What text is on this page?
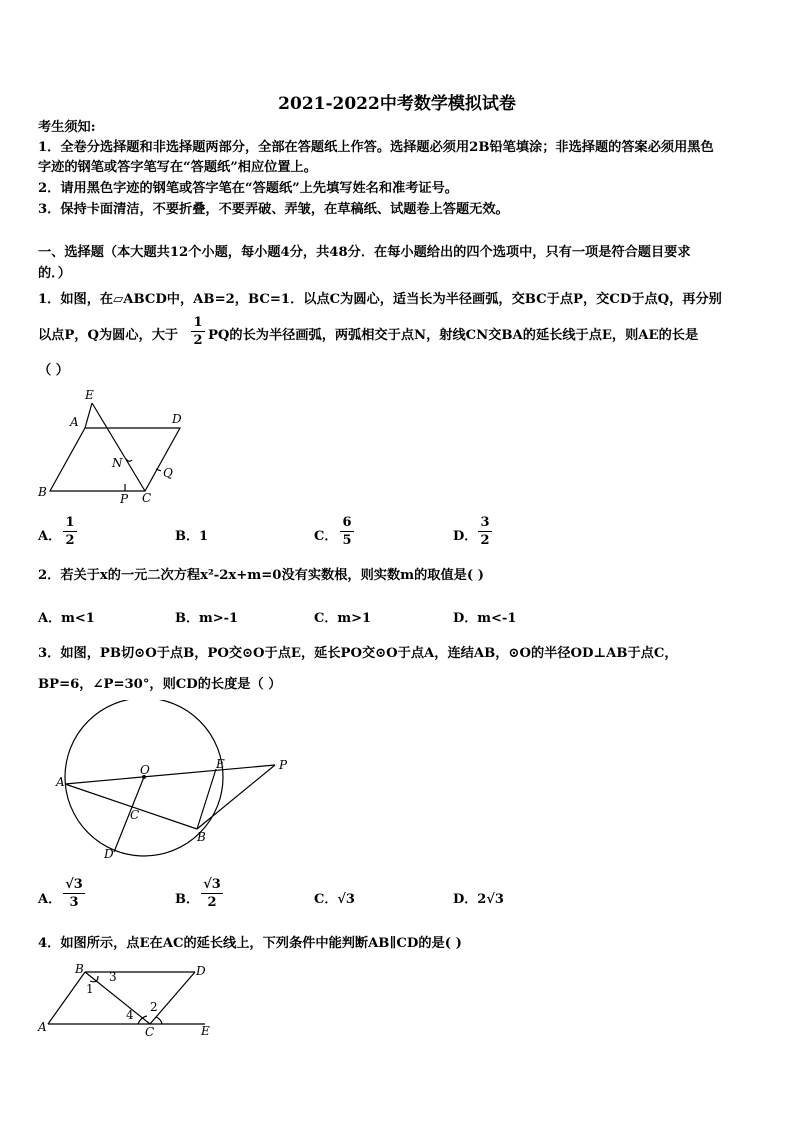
2021-2022中考数学模拟试卷
考生须知:
1．全卷分选择题和非选择题两部分，全部在答题纸上作答。选择题必须用2B铅笔填涂；非选择题的答案必须用黑色
字迹的钢笔或答字笔写在“答题纸”相应位置上。
2．请用黑色字迹的钢笔或答字笔在“答题纸”上先填写姓名和准考证号。
3．保持卡面清洁，不要折叠，不要弄破、弄皱，在草稿纸、试题卷上答题无效。
一、选择题（本大题共12个小题，每小题4分，共48分．在每小题给出的四个选项中，只有一项是符合题目要求
的．）
1．如图，在▱ABCD中，AB=2，BC=1．以点C为圆心，适当长为半径画弧，交BC于点P，交CD于点Q，再分别
以点P，Q为圆心，大于
1
2 PQ的长为半径画弧，两弧相交于点N，射线CN交BA的延长线于点E，则AE的长是
（ ）
E
A	D
N
Q
B	P C
A．
1
2	B．1	C．
6
5	D．
3
2
2．若关于x的一元二次方程x²-2x+m=0没有实数根，则实数m的取值是( )
A．m<1	B．m>-1	C．m>1	D．m<-1
3．如图，PB切⊙O于点B，PO交⊙O于点E，延长PO交⊙O于点A，连结AB，⊙O的半径OD⊥AB于点C，
BP=6，∠P=30°，则CD的长度是（ ）
A
O	E	P
C
B
D
A．
√3
3	B．
√3
2	C．√3	D．2√3
4．如图所示，点E在AC的延长线上，下列条件中能判断AB∥CD的是( )
B	D
3
1
2
4
A	C	E
